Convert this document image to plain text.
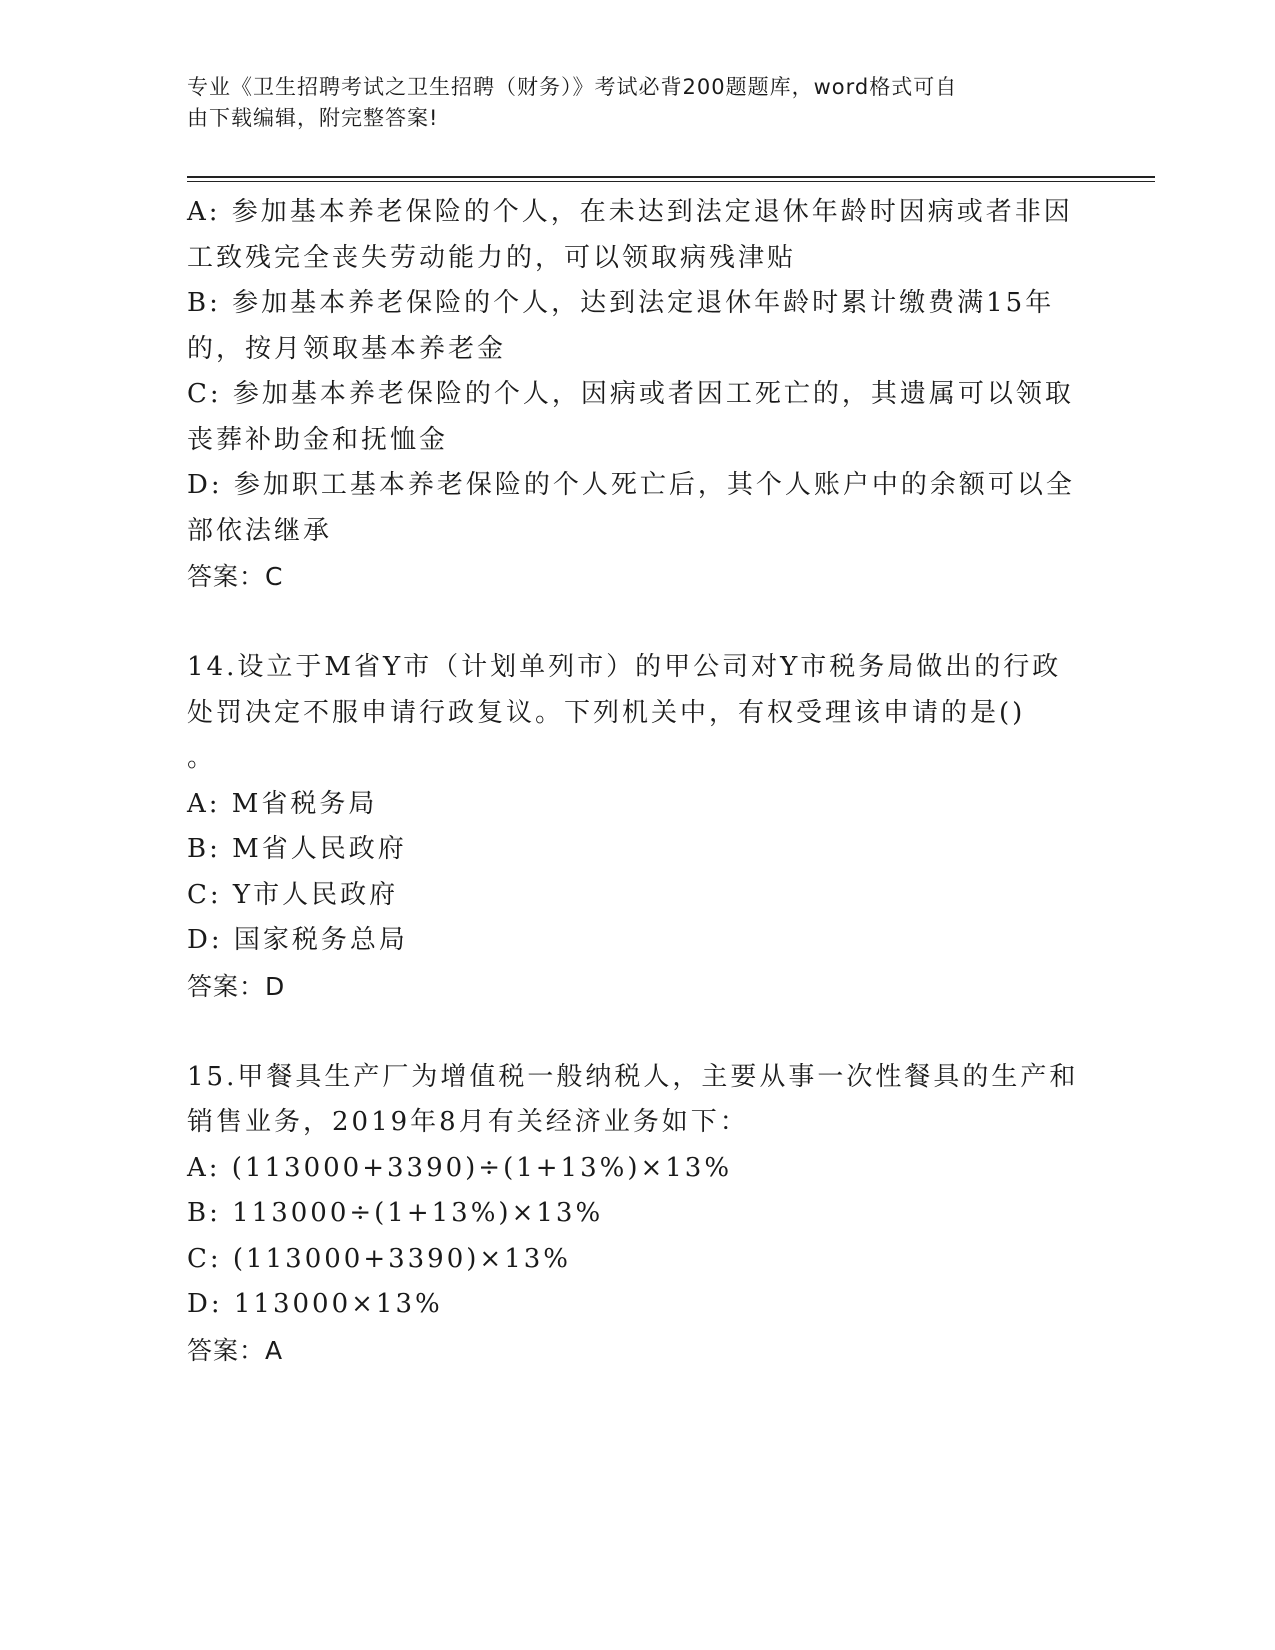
专业《卫生招聘考试之卫生招聘（财务）》考试必背200题题库，word格式可自
由下载编辑，附完整答案!
A: 参加基本养老保险的个人，在未达到法定退休年龄时因病或者非因
工致残完全丧失劳动能力的，可以领取病残津贴
B: 参加基本养老保险的个人，达到法定退休年龄时累计缴费满15年
的，按月领取基本养老金
C: 参加基本养老保险的个人，因病或者因工死亡的，其遗属可以领取
丧葬补助金和抚恤金
D: 参加职工基本养老保险的个人死亡后，其个人账户中的余额可以全
部依法继承
答案：C
14.设立于M省Y市（计划单列市）的甲公司对Y市税务局做出的行政
处罚决定不服申请行政复议。下列机关中，有权受理该申请的是()
。
A: M省税务局
B: M省人民政府
C: Y市人民政府
D: 国家税务总局
答案：D
15.甲餐具生产厂为增值税一般纳税人，主要从事一次性餐具的生产和
销售业务，2019年8月有关经济业务如下：
A: (113000+3390)÷(1+13%)×13%
B: 113000÷(1+13%)×13%
C: (113000+3390)×13%
D: 113000×13%
答案：A
